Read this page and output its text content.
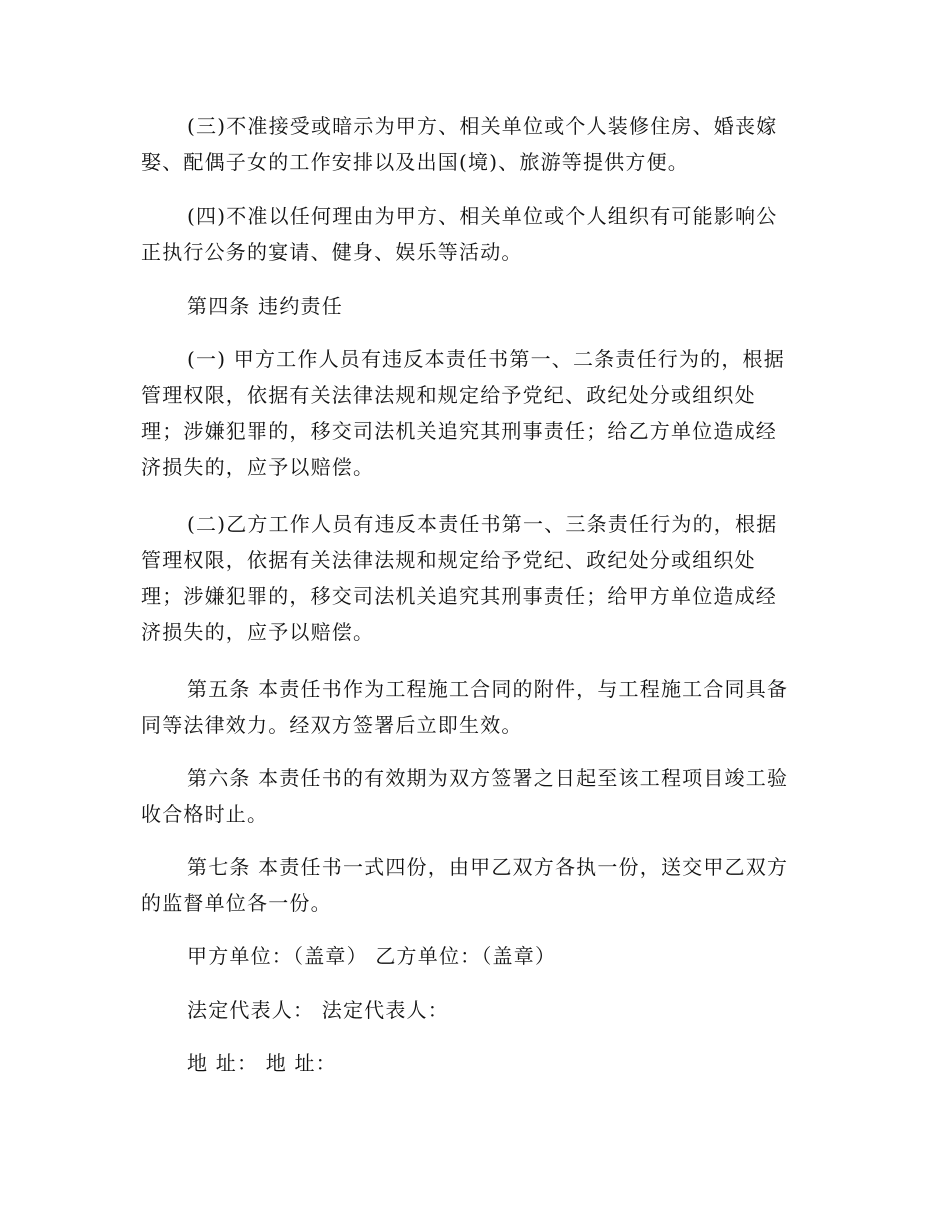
(三)不准接受或暗示为甲方、相关单位或个人装修住房、婚丧嫁
娶、配偶子女的工作安排以及出国(境)、旅游等提供方便。

(四)不准以任何理由为甲方、相关单位或个人组织有可能影响公
正执行公务的宴请、健身、娱乐等活动。

第四条 违约责任

(一) 甲方工作人员有违反本责任书第一、二条责任行为的，根据
管理权限，依据有关法律法规和规定给予党纪、政纪处分或组织处
理；涉嫌犯罪的，移交司法机关追究其刑事责任；给乙方单位造成经
济损失的，应予以赔偿。

(二)乙方工作人员有违反本责任书第一、三条责任行为的，根据
管理权限，依据有关法律法规和规定给予党纪、政纪处分或组织处
理；涉嫌犯罪的，移交司法机关追究其刑事责任；给甲方单位造成经
济损失的，应予以赔偿。

第五条 本责任书作为工程施工合同的附件，与工程施工合同具备
同等法律效力。经双方签署后立即生效。

第六条 本责任书的有效期为双方签署之日起至该工程项目竣工验
收合格时止。

第七条 本责任书一式四份，由甲乙双方各执一份，送交甲乙双方
的监督单位各一份。

甲方单位：（盖章） 乙方单位：（盖章）

法定代表人： 法定代表人：

地 址： 地 址：
